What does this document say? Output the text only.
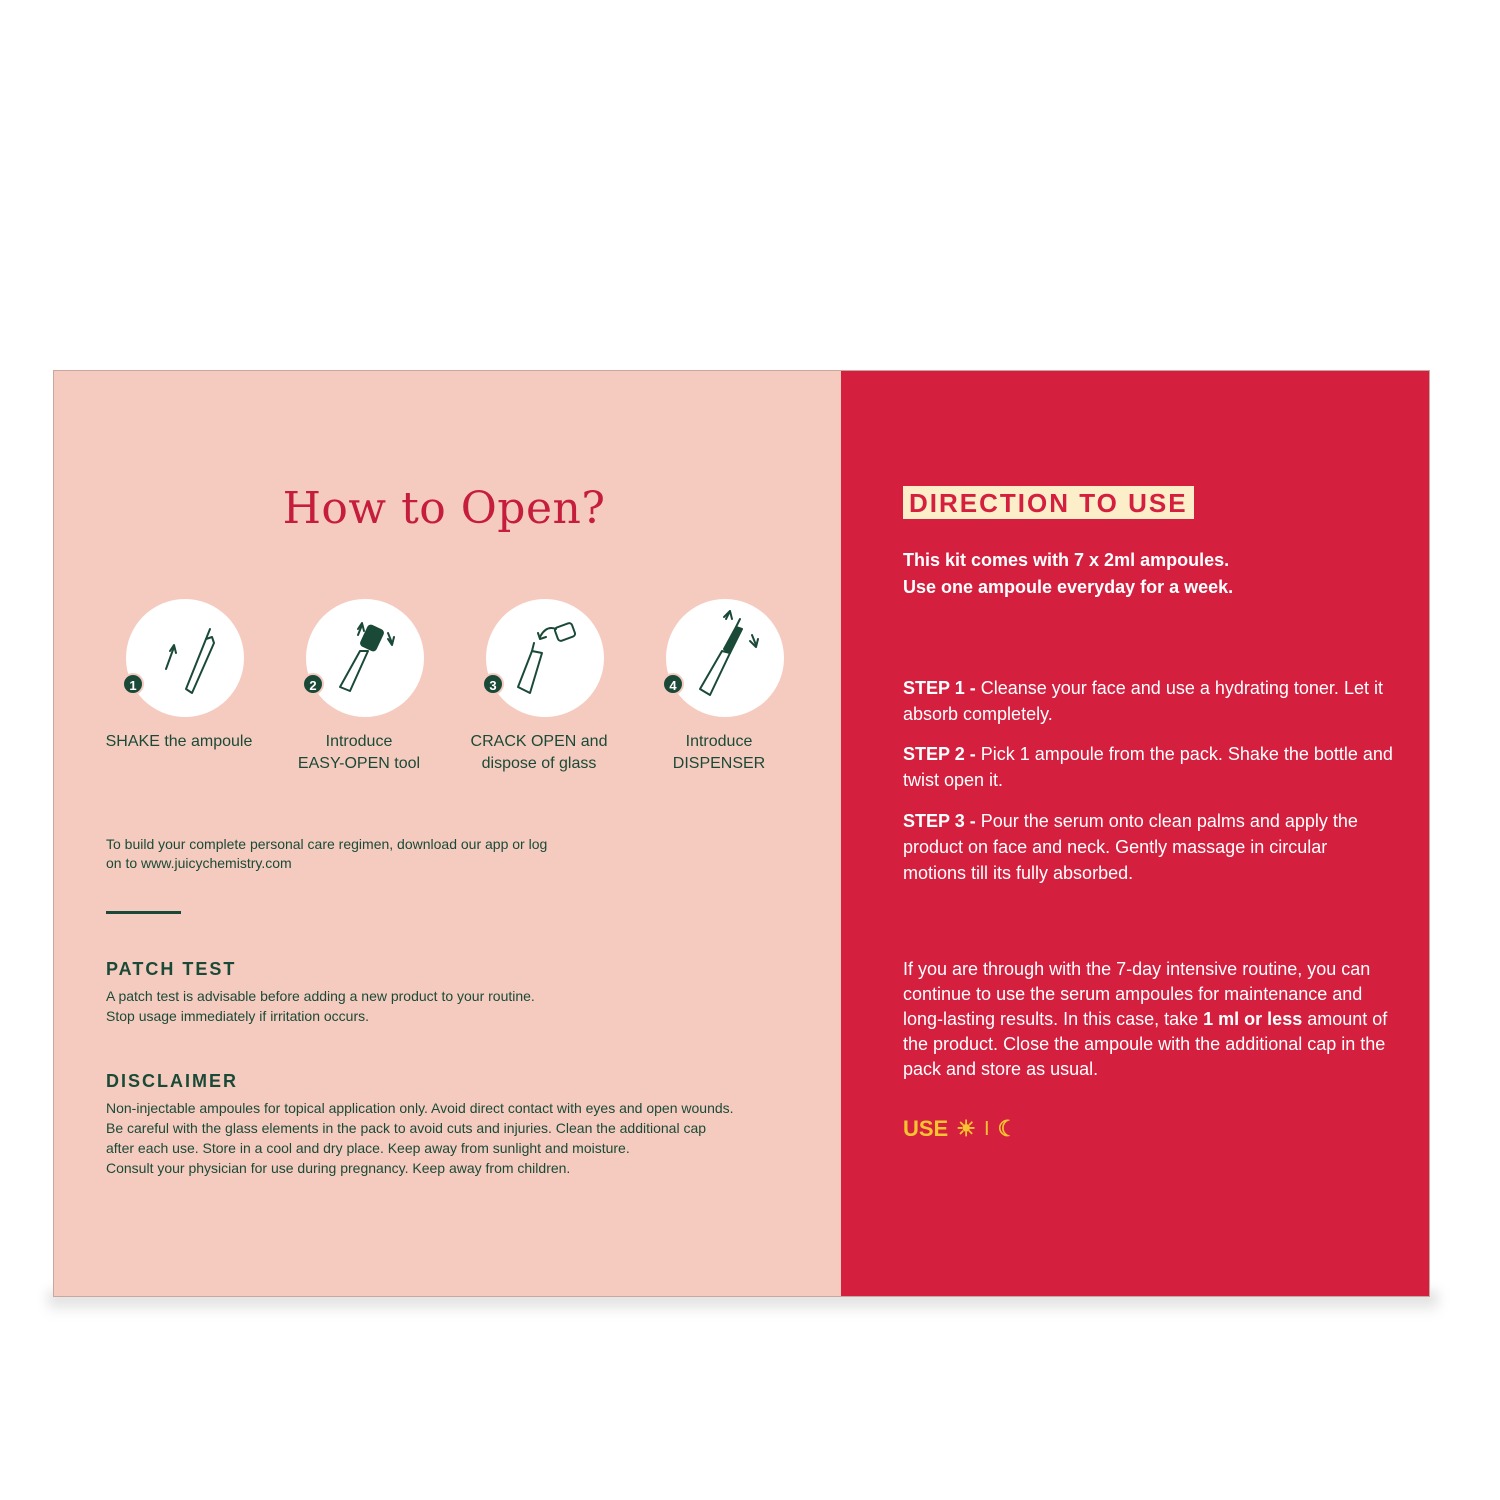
How to Open?
1
SHAKE the ampoule
2
Introduce
EASY-OPEN tool
3
CRACK OPEN and
dispose of glass
4
Introduce
DISPENSER
To build your complete personal care regimen, download our app or log
on to www.juicychemistry.com
PATCH TEST
A patch test is advisable before adding a new product to your routine.
Stop usage immediately if irritation occurs.
DISCLAIMER
Non-injectable ampoules for topical application only. Avoid direct contact with eyes and open wounds.
Be careful with the glass elements in the pack to avoid cuts and injuries. Clean the additional cap
after each use. Store in a cool and dry place. Keep away from sunlight and moisture.
Consult your physician for use during pregnancy. Keep away from children.
DIRECTION TO USE
This kit comes with 7 x 2ml ampoules.
Use one ampoule everyday for a week.
STEP 1 - Cleanse your face and use a hydrating toner. Let it absorb completely.
STEP 2 - Pick 1 ampoule from the pack. Shake the bottle and twist open it.
STEP 3 - Pour the serum onto clean palms and apply the product on face and neck. Gently massage in circular motions till its fully absorbed.
If you are through with the 7-day intensive routine, you can continue to use the serum ampoules for maintenance and long-lasting results. In this case, take 1 ml or less amount of the product. Close the ampoule with the additional cap in the pack and store as usual.
USE ☀ I ☾
